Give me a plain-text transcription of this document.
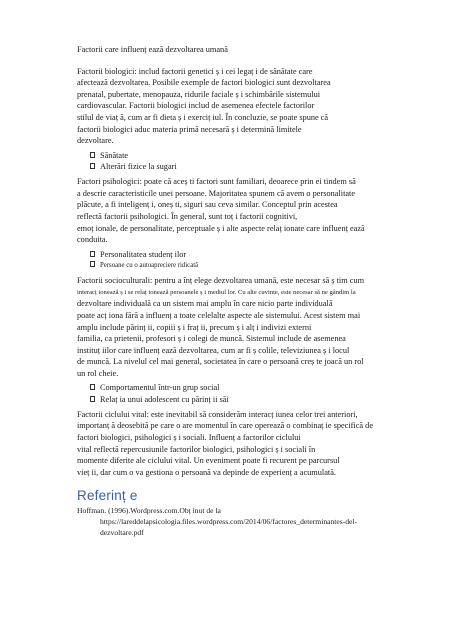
Factorii care influenț ează dezvoltarea umană
Factorii biologici: includ factorii genetici ș i cei legaț i de sănătate care
afectează dezvoltarea. Posibile exemple de factori biologici sunt dezvoltarea
prenatal, pubertate, menopauza, ridurile faciale ș i schimbările sistemului
cardiovascular. Factorii biologici includ de asemenea efectele factorilor
stilul de viaț ă, cum ar fi dieta ș i exerciț iul. În concluzie, se poate spune că
factorii biologici aduc materia primă necesară ș i determină limitele
dezvoltare.
Sănătate
Alterări fizice la sugari
Factori psihologici: poate că aceș ti factori sunt familiari, deoarece prin ei tindem să
a descrie caracteristicile unei persoane. Majoritatea spunem că avem o personalitate
plăcute, a fi inteligenț i, oneș ti, siguri sau ceva similar. Conceptul prin acestea
reflectă factorii psihologici. În general, sunt toț i factorii cognitivi,
emoț ionale, de personalitate, perceptuale ș i alte aspecte relaț ionate care influenț ează
conduita.
Personalitatea studenț ilor
Persoane cu o autoapreciere ridicată
Factorii socioculturali: pentru a înț elege dezvoltarea umană, este necesar să ș tim cum
interacț ionează ș i se relaț ionează persoanele ș i mediul lor. Cu alte cuvinte, este necesar să ne gândim la
dezvoltare individuală ca un sistem mai amplu în care nicio parte individuală
poate acț iona fără a influenț a toate celelalte aspecte ale sistemului. Acest sistem mai
amplu include părinț ii, copiii ș i fraț ii, precum ș i alț i indivizi externi
familia, ca prietenii, profesori ș i colegi de muncă. Sistemul include de asemenea
instituț iilor care influenț ează dezvoltarea, cum ar fi ș colile, televiziunea ș i locul
de muncă. La nivelul cel mai general, societatea în care o persoană creș te joacă un rol
un rol cheie.
Comportamentul într-un grup social
Relaț ia unui adolescent cu părinț ii săi
Factorii ciclului vital: este inevitabil să considerăm interacț iunea celor trei anteriori,
importanț ă deosebită pe care o are momentul în care operează o combinaț ie specifică de
factori biologici, psihologici ș i sociali. Influenț a factorilor ciclului
vital reflectă repercusiunile factorilor biologici, psihologici ș i sociali în
momente diferite ale ciclului vital. Un eveniment poate fi recurent pe parcursul
vieț ii, dar cum o va gestiona o persoană va depinde de experienț a acumulată.
Referinț e
Hoffman. (1996).Wordpress.com.Obț inut de la
https://lareddelapsicologia.files.wordpress.com/2014/06/factores_determinantes-del-
dezvoltare.pdf
